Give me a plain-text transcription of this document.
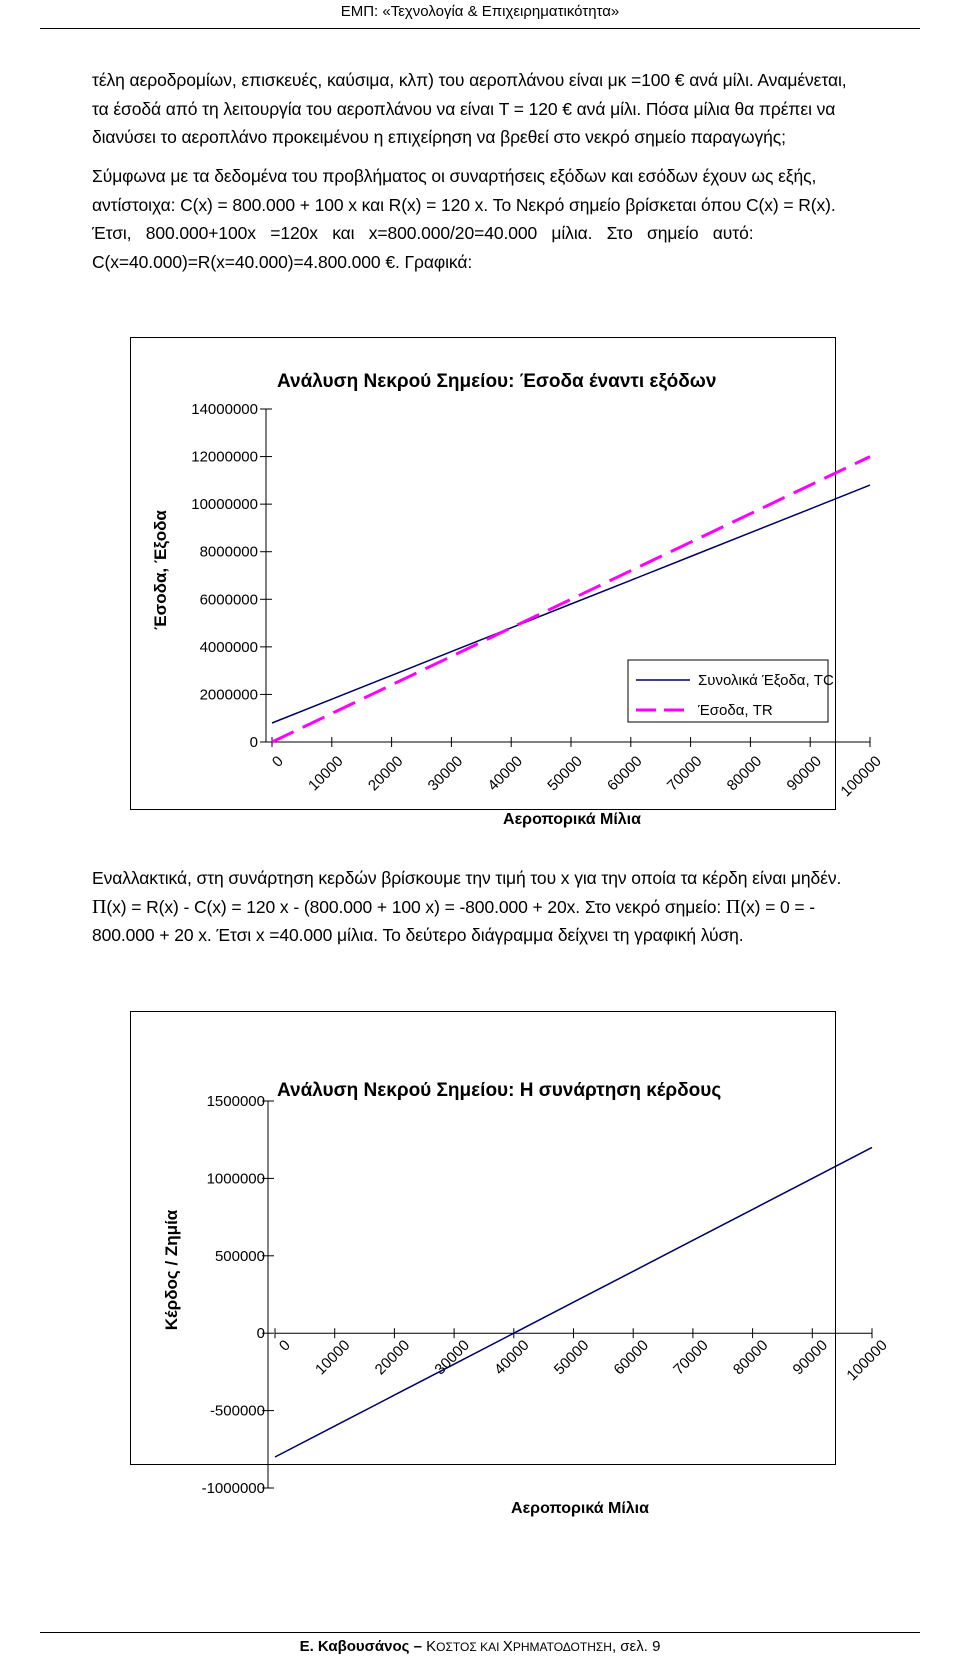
ΕΜΠ: «Τεχνολογία & Επιχειρηματικότητα»
τέλη αεροδρομίων, επισκευές, καύσιμα, κλπ) του αεροπλάνου είναι μκ =100 € ανά μίλι. Αναμένεται,
τα έσοδά από τη λειτουργία του αεροπλάνου να είναι T = 120 € ανά μίλι. Πόσα μίλια θα πρέπει να
διανύσει το αεροπλάνο προκειμένου η επιχείρηση να βρεθεί στο νεκρό σημείο παραγωγής;
Σύμφωνα με τα δεδομένα του προβλήματος οι συναρτήσεις εξόδων και εσόδων έχουν ως εξής,
αντίστοιχα: C(x) = 800.000 + 100 x και R(x) = 120 x. Το Νεκρό σημείο βρίσκεται όπου C(x) = R(x).
Έτσι,   800.000+100x   =120x   και   x=800.000/20=40.000   μίλια.   Στο   σημείο   αυτό:
C(x=40.000)=R(x=40.000)=4.800.000 €. Γραφικά:
Ανάλυση Νεκρού Σημείου: Έσοδα έναντι εξόδων
0
2000000
4000000
6000000
8000000
10000000
12000000
14000000
0 10000 20000 30000 40000 50000 60000 70000 80000 90000 100000
Αεροπορικά Μίλια
Έσοδα, Έξοδα
Συνολικά Έξοδα, TC
Έσοδα, TR
Εναλλακτικά, στη συνάρτηση κερδών βρίσκουμε την τιμή του x για την οποία τα κέρδη είναι μηδέν.
Π(x) = R(x) - C(x) = 120 x - (800.000 + 100 x) = -800.000 + 20x. Στο νεκρό σημείο: Π(x) = 0 = -
800.000 + 20 x. Έτσι x =40.000 μίλια. Το δεύτερο διάγραμμα δείχνει τη γραφική λύση.
Ανάλυση Νεκρού Σημείου: Η συνάρτηση κέρδους
-1000000
-500000
0
500000
1000000
1500000
0 10000 20000 30000 40000 50000 60000 70000 80000 90000 100000
Αεροπορικά Μίλια
Κέρδος / Ζημία
Ε. Καβουσάνος – ΚΟΣΤΟΣ ΚΑΙ ΧΡΗΜΑΤΟΔΟΤΗΣΗ, σελ. 9
